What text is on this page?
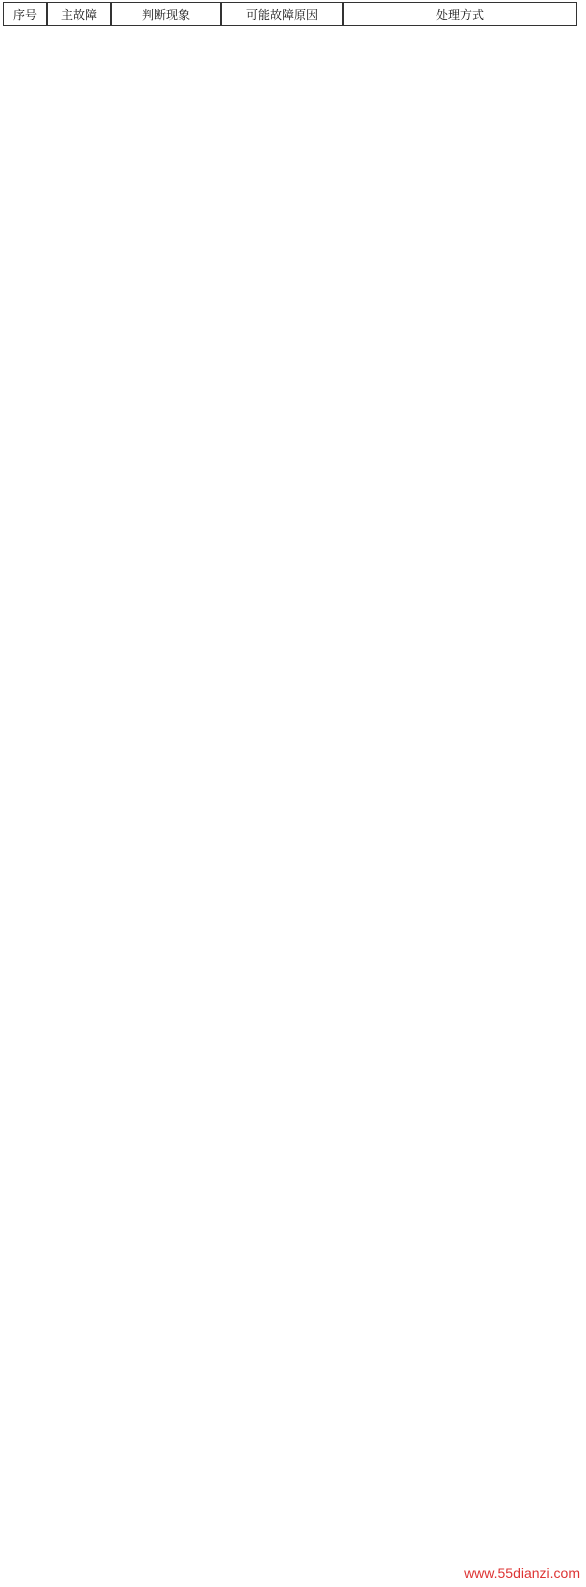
序号	主故障	判断现象	可能故障原因	处理方式
www.55dianzi.com
